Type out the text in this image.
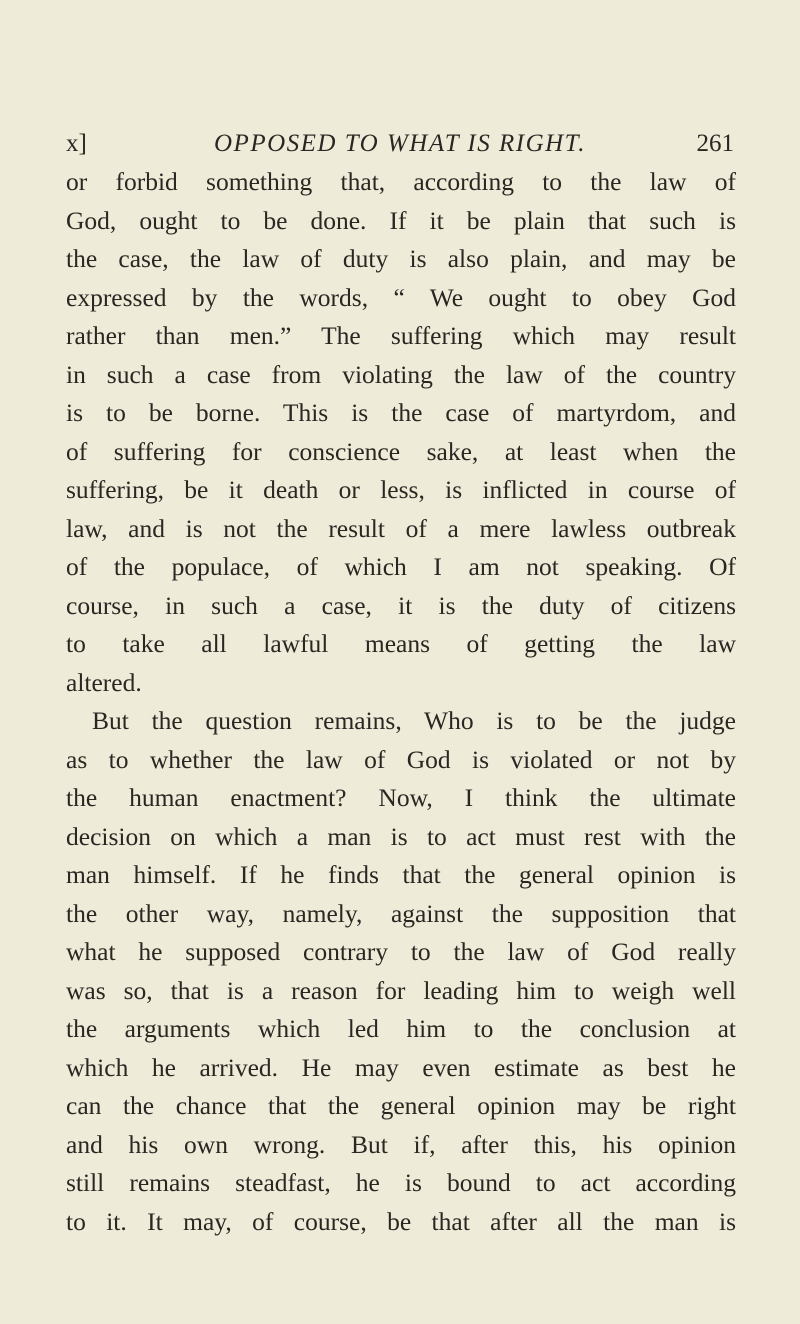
x]	OPPOSED TO WHAT IS RIGHT.	261
or forbid something that, according to the law of
God, ought to be done. If it be plain that such is
the case, the law of duty is also plain, and may be
expressed by the words, “ We ought to obey God
rather than men.” The suffering which may result
in such a case from violating the law of the country
is to be borne. This is the case of martyrdom, and
of suffering for conscience sake, at least when the
suffering, be it death or less, is inflicted in course of
law, and is not the result of a mere lawless outbreak
of the populace, of which I am not speaking. Of
course, in such a case, it is the duty of citizens
to take all lawful means of getting the law
altered.
But the question remains, Who is to be the judge
as to whether the law of God is violated or not by
the human enactment? Now, I think the ultimate
decision on which a man is to act must rest with the
man himself. If he finds that the general opinion is
the other way, namely, against the supposition that
what he supposed contrary to the law of God really
was so, that is a reason for leading him to weigh well
the arguments which led him to the conclusion at
which he arrived. He may even estimate as best he
can the chance that the general opinion may be right
and his own wrong. But if, after this, his opinion
still remains steadfast, he is bound to act according
to it. It may, of course, be that after all the man is
